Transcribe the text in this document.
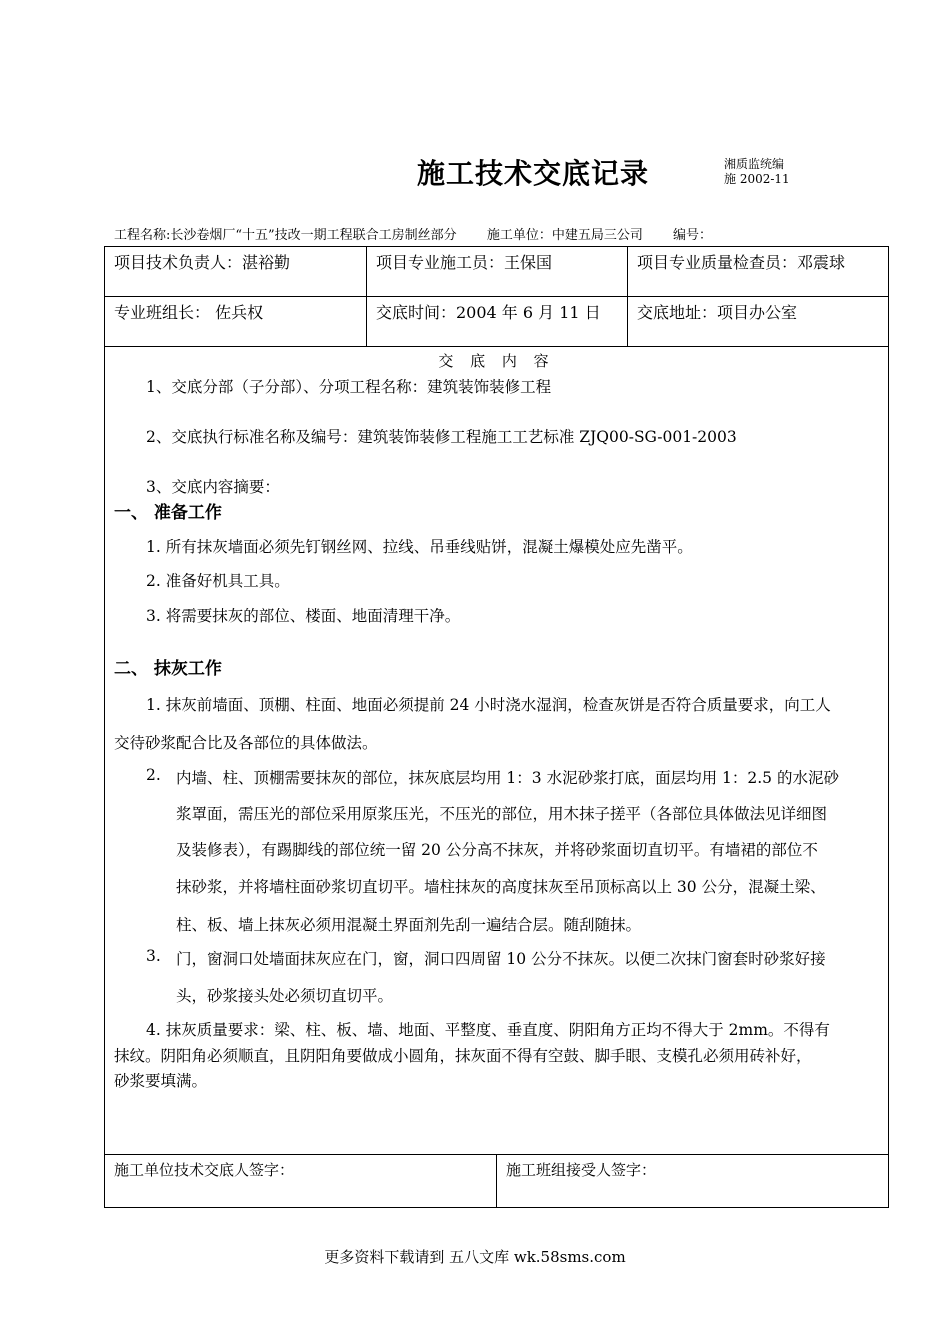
施工技术交底记录	湘质监统编
施 2002-11
工程名称:长沙卷烟厂“十五”技改一期工程联合工房制丝部分 施工单位：中建五局三公司 编号：
项目技术负责人：湛裕勤	项目专业施工员：王保国	项目专业质量检查员：邓震球
专业班组长： 佐兵权	交底时间：2004 年 6 月 11 日 交底地址：项目办公室
交 底 内 容
1、交底分部（子分部）、分项工程名称：建筑装饰装修工程
2、交底执行标准名称及编号：建筑装饰装修工程施工工艺标准 ZJQ00-SG-001-2003
3、交底内容摘要：
一、 准备工作
1. 所有抹灰墙面必须先钉钢丝网、拉线、吊垂线贴饼，混凝土爆模处应先凿平。
2. 准备好机具工具。
3. 将需要抹灰的部位、楼面、地面清理干净。
二、 抹灰工作
1. 抹灰前墙面、顶棚、柱面、地面必须提前 24 小时浇水湿润，检查灰饼是否符合质量要求，向工人
交待砂浆配合比及各部位的具体做法。
2. 内墙、柱、顶棚需要抹灰的部位，抹灰底层均用 1：3 水泥砂浆打底，面层均用 1：2.5 的水泥砂
浆罩面，需压光的部位采用原浆压光，不压光的部位，用木抹子搓平（各部位具体做法见详细图
及装修表），有踢脚线的部位统一留 20 公分高不抹灰，并将砂浆面切直切平。有墙裙的部位不
抹砂浆，并将墙柱面砂浆切直切平。墙柱抹灰的高度抹灰至吊顶标高以上 30 公分，混凝土梁、
柱、板、墙上抹灰必须用混凝土界面剂先刮一遍结合层。随刮随抹。
3. 门，窗洞口处墙面抹灰应在门，窗，洞口四周留 10 公分不抹灰。以便二次抹门窗套时砂浆好接
头，砂浆接头处必须切直切平。
4. 抹灰质量要求：梁、柱、板、墙、地面、平整度、垂直度、阴阳角方正均不得大于 2mm。不得有
抹纹。阴阳角必须顺直，且阴阳角要做成小圆角，抹灰面不得有空鼓、脚手眼、支模孔必须用砖补好，
砂浆要填满。
施工单位技术交底人签字：	施工班组接受人签字：
更多资料下载请到 五八文库 wk.58sms.com
